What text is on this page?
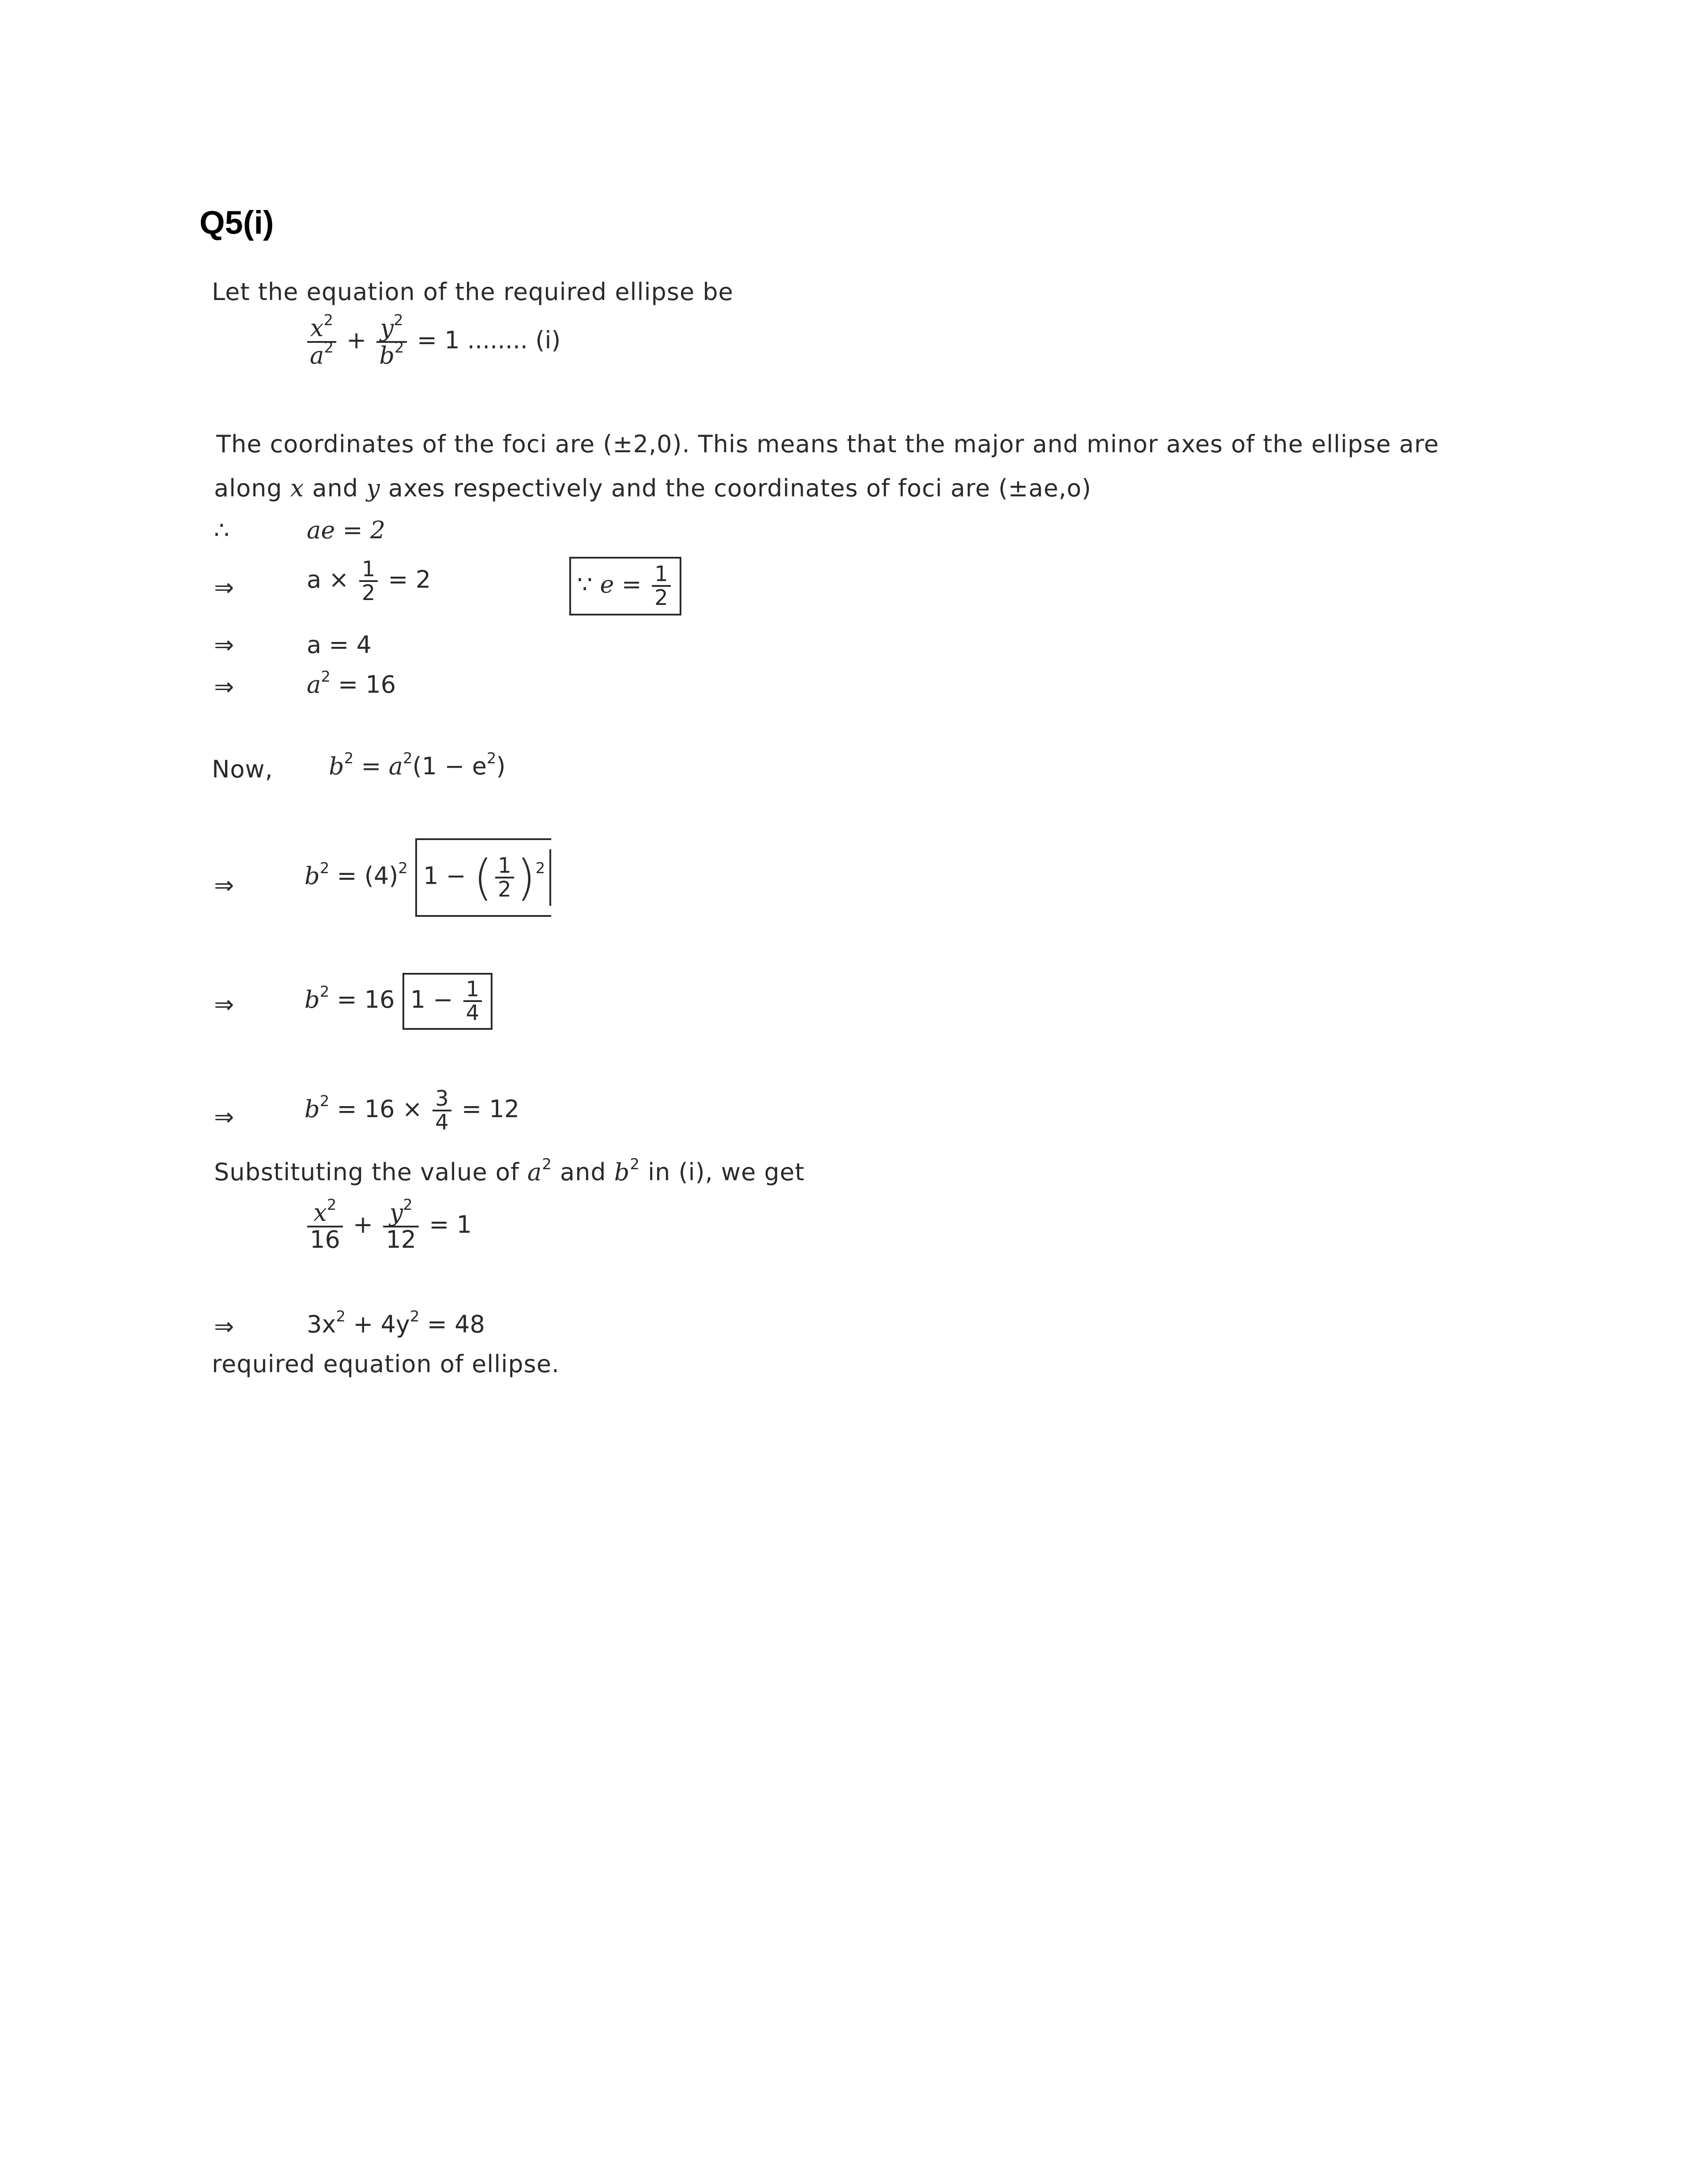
Q5(i)
Let the equation of the required ellipse be
$\frac{x^2}{a^2} + \frac{y^2}{b^2} = 1$ ........ (i)
The coordinates of the foci are (±2,0). This means that the major and minor axes of the ellipse are
along x and y axes respectively and the coordinates of foci are (±ae,o)
∴	ae = 2
⇒	$a \times \frac{1}{2} = 2$	∵ $e = \frac{1}{2}$
⇒	a = 4
⇒	$a^2 = 16$
Now, $b^2 = a^2(1 - e^2)$
⇒	$b^2 = (4)^2$ 1 − ( $\frac{1}{2} )^2$
⇒	$b^2 = 16$ $1 - \frac{1}{4}$
⇒	$b^2 = 16 \times \frac{3}{4} = 12$
Substituting the value of $a^2$ and $b^2$ in (i), we get
$\frac{x^2}{16} + \frac{y^2}{12} = 1$
⇒	$3x^2 + 4y^2 = 48$
required equation of ellipse.
